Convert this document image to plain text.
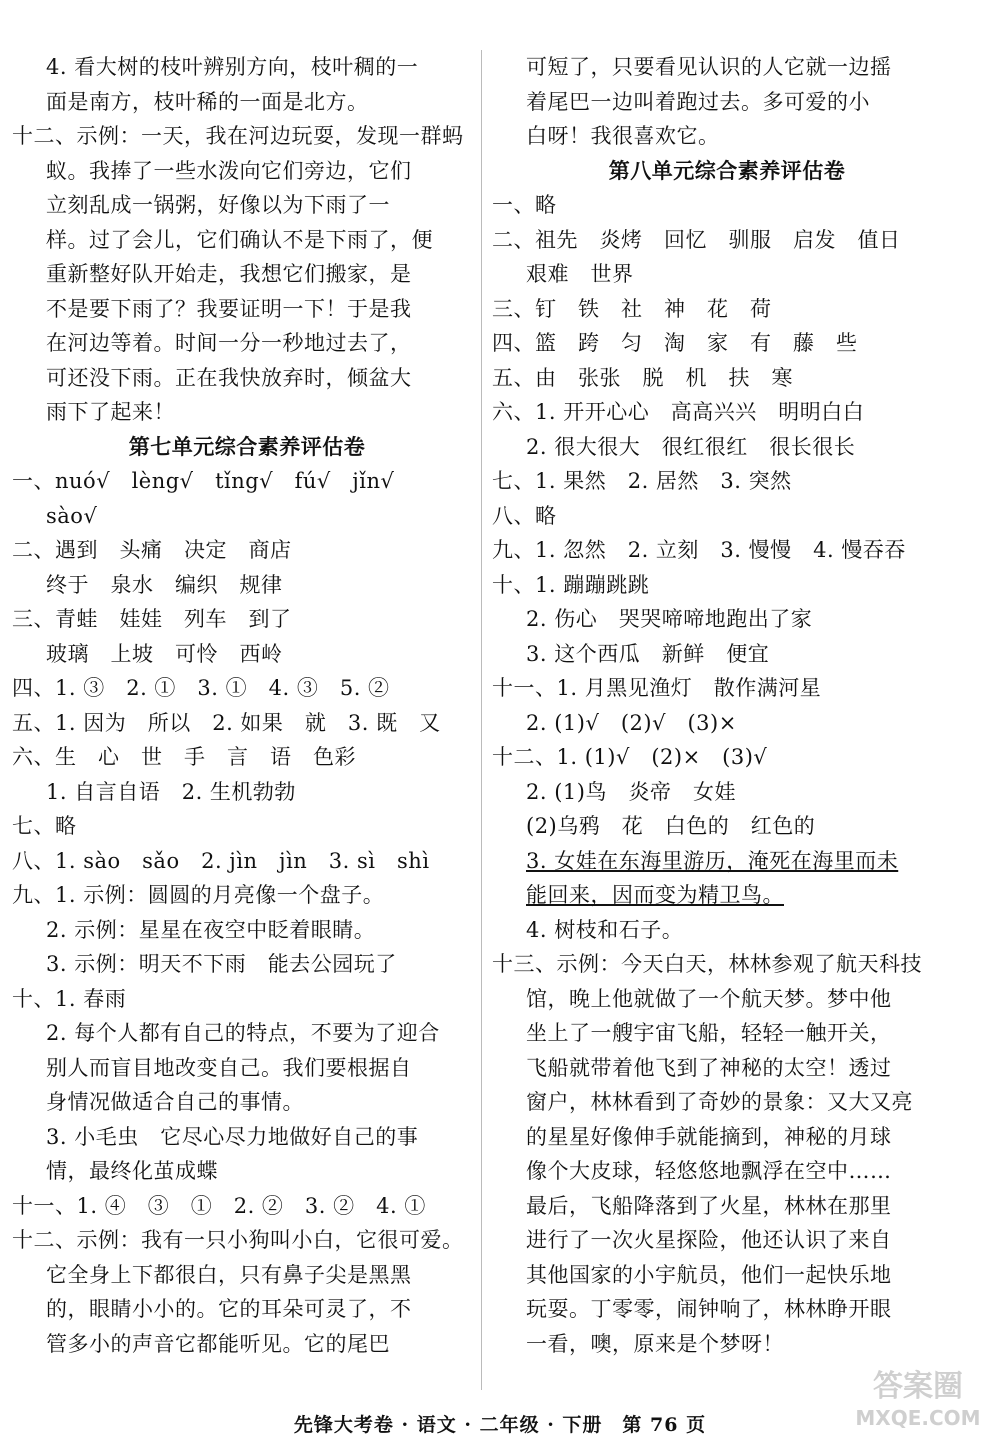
4. 看大树的枝叶辨别方向，枝叶稠的一
面是南方，枝叶稀的一面是北方。
十二、示例：一天，我在河边玩耍，发现一群蚂
蚁。我捧了一些水泼向它们旁边，它们
立刻乱成一锅粥，好像以为下雨了一
样。过了会儿，它们确认不是下雨了，便
重新整好队开始走，我想它们搬家，是
不是要下雨了？我要证明一下！于是我
在河边等着。时间一分一秒地过去了，
可还没下雨。正在我快放弃时，倾盆大
雨下了起来！
第七单元综合素养评估卷
一、nuó√　lèng√　tǐng√　fú√　jǐn√
sào√
二、遇到　头痛　决定　商店
终于　泉水　编织　规律
三、青蛙　娃娃　列车　到了
玻璃　上坡　可怜　西岭
四、1. ③　2. ①　3. ①　4. ③　5. ②
五、1. 因为　所以　2. 如果　就　3. 既　又
六、生　心　世　手　言　语　色彩
1. 自言自语　2. 生机勃勃
七、略
八、1. sào　sǎo　2. jìn　jìn　3. sì　shì
九、1. 示例：圆圆的月亮像一个盘子。
2. 示例：星星在夜空中眨着眼睛。
3. 示例：明天不下雨　能去公园玩了
十、1. 春雨
2. 每个人都有自己的特点，不要为了迎合
别人而盲目地改变自己。我们要根据自
身情况做适合自己的事情。
3. 小毛虫　它尽心尽力地做好自己的事
情，最终化茧成蝶
十一、1. ④　③　①　2. ②　3. ②　4. ①
十二、示例：我有一只小狗叫小白，它很可爱。
它全身上下都很白，只有鼻子尖是黑黑
的，眼睛小小的。它的耳朵可灵了，不
管多小的声音它都能听见。它的尾巴
可短了，只要看见认识的人它就一边摇
着尾巴一边叫着跑过去。多可爱的小
白呀！我很喜欢它。
第八单元综合素养评估卷
一、略
二、祖先　炎烤　回忆　驯服　启发　值日
艰难　世界
三、钉　铁　社　神　花　荷
四、篮　跨　匀　淘　家　有　藤　些
五、由　张张　脱　机　扶　寒
六、1. 开开心心　高高兴兴　明明白白
2. 很大很大　很红很红　很长很长
七、1. 果然　2. 居然　3. 突然
八、略
九、1. 忽然　2. 立刻　3. 慢慢　4. 慢吞吞
十、1. 蹦蹦跳跳
2. 伤心　哭哭啼啼地跑出了家
3. 这个西瓜　新鲜　便宜
十一、1. 月黑见渔灯　散作满河星
2. (1)√　(2)√　(3)×
十二、1. (1)√　(2)×　(3)√
2. (1)鸟　炎帝　女娃
(2)乌鸦　花　白色的　红色的
3. 女娃在东海里游历，淹死在海里而未
能回来，因而变为精卫鸟。
4. 树枝和石子。
十三、示例：今天白天，林林参观了航天科技
馆，晚上他就做了一个航天梦。梦中他
坐上了一艘宇宙飞船，轻轻一触开关，
飞船就带着他飞到了神秘的太空！透过
窗户，林林看到了奇妙的景象：又大又亮
的星星好像伸手就能摘到，神秘的月球
像个大皮球，轻悠悠地飘浮在空中……
最后，飞船降落到了火星，林林在那里
进行了一次火星探险，他还认识了来自
其他国家的小宇航员，他们一起快乐地
玩耍。丁零零，闹钟响了，林林睁开眼
一看，噢，原来是个梦呀！
先锋大考卷 · 语文 · 二年级 · 下册　第 76 页
答案圈
MXQE.COM
